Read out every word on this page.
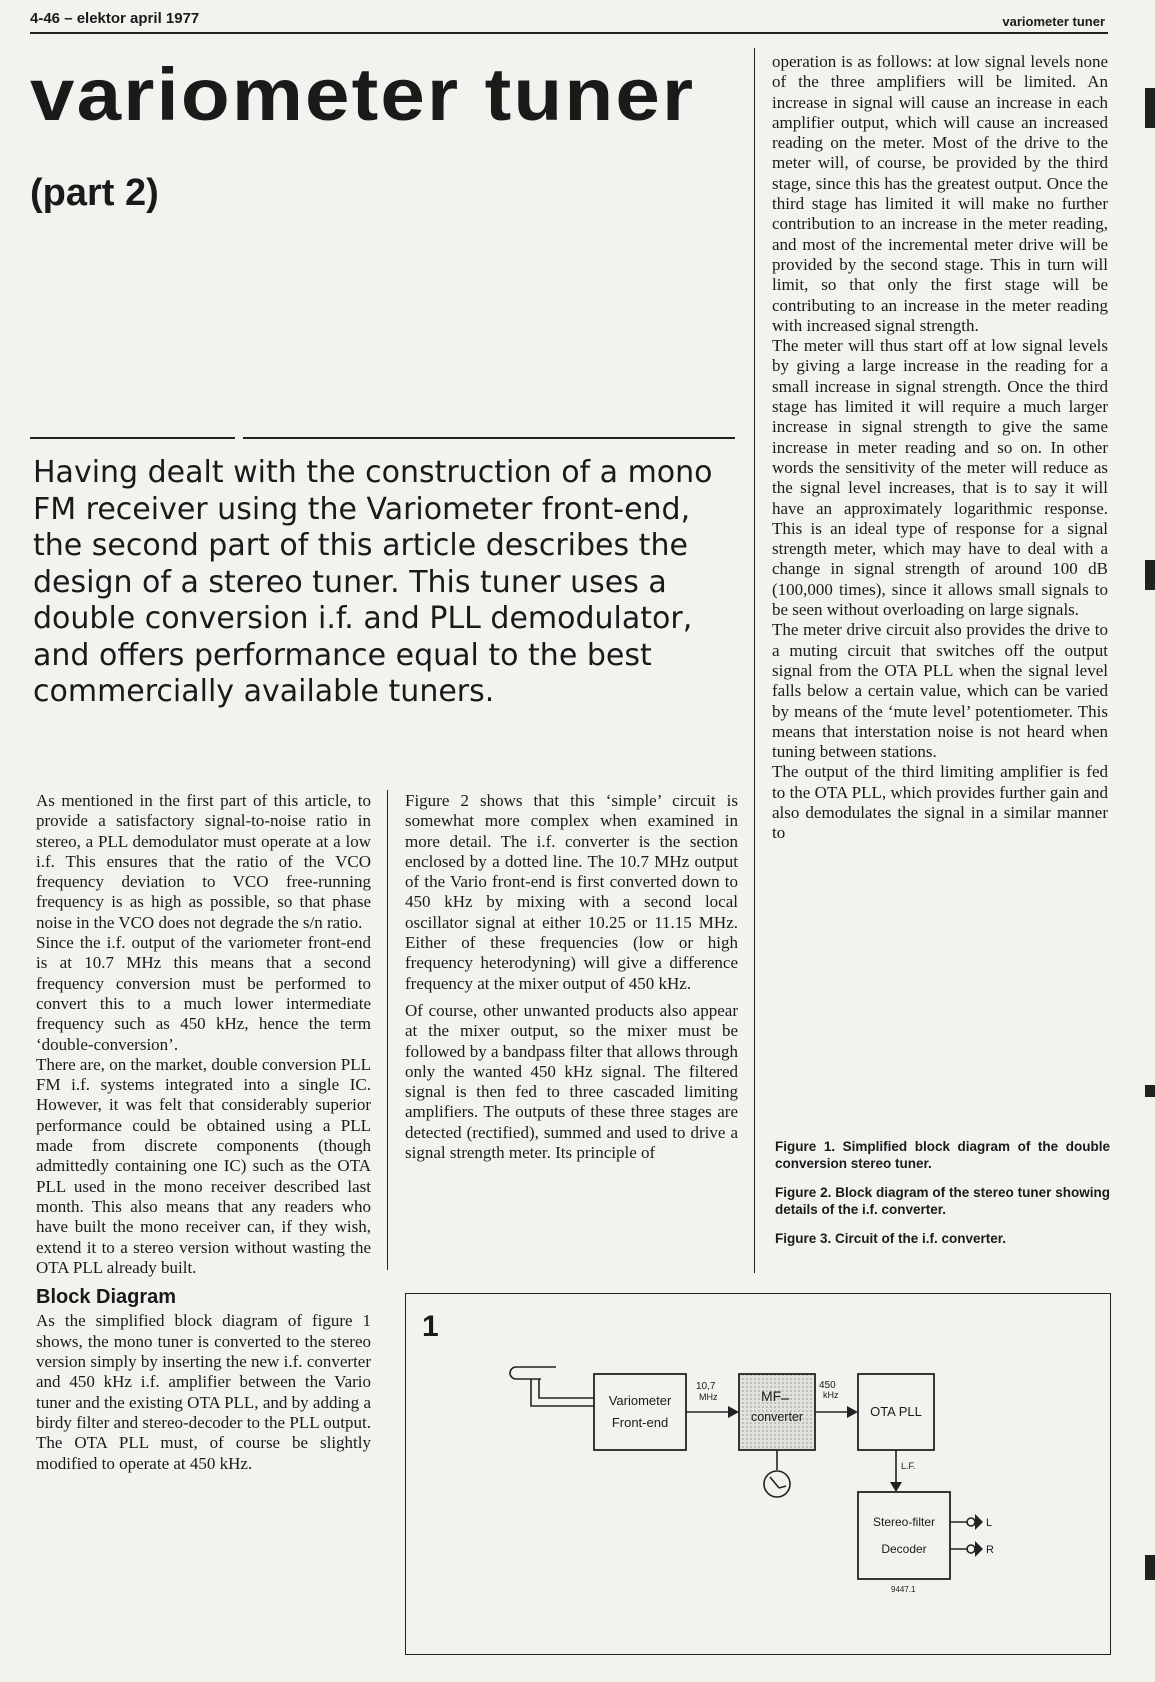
4-46 – elektor april 1977	variometer tuner
variometer tuner
(part 2)

Having dealt with the construction of a mono FM receiver using the Variometer front-end, the second part of this article describes the design of a stereo tuner. This tuner uses a double conversion i.f. and PLL demodulator, and offers performance equal to the best commercially available tuners.

As mentioned in the first part of this article, to provide a satisfactory signal-to-noise ratio in stereo, a PLL demodulator must operate at a low i.f. This ensures that the ratio of the VCO frequency deviation to VCO free-running frequency is as high as possible, so that phase noise in the VCO does not degrade the s/n ratio.

Since the i.f. output of the variometer front-end is at 10.7 MHz this means that a second frequency conversion must be performed to convert this to a much lower intermediate frequency such as 450 kHz, hence the term ‘double-conversion’.

There are, on the market, double conversion PLL FM i.f. systems integrated into a single IC. However, it was felt that considerably superior performance could be obtained using a PLL made from discrete components (though admittedly containing one IC) such as the OTA PLL used in the mono receiver described last month. This also means that any readers who have built the mono receiver can, if they wish, extend it to a stereo version without wasting the OTA PLL already built.

Block Diagram

As the simplified block diagram of figure 1 shows, the mono tuner is converted to the stereo version simply by inserting the new i.f. converter and 450 kHz i.f. amplifier between the Vario tuner and the existing OTA PLL, and by adding a birdy filter and stereo-decoder to the PLL output. The OTA PLL must, of course be slightly modified to operate at 450 kHz.

Figure 2 shows that this ‘simple’ circuit is somewhat more complex when examined in more detail. The i.f. converter is the section enclosed by a dotted line. The 10.7 MHz output of the Vario front-end is first converted down to 450 kHz by mixing with a second local oscillator signal at either 10.25 or 11.15 MHz. Either of these frequencies (low or high frequency heterodyning) will give a difference frequency at the mixer output of 450 kHz.

Of course, other unwanted products also appear at the mixer output, so the mixer must be followed by a bandpass filter that allows through only the wanted 450 kHz signal. The filtered signal is then fed to three cascaded limiting amplifiers. The outputs of these three stages are detected (rectified), summed and used to drive a signal strength meter. Its principle of

operation is as follows: at low signal levels none of the three amplifiers will be limited. An increase in signal will cause an increase in each amplifier output, which will cause an increased reading on the meter. Most of the drive to the meter will, of course, be provided by the third stage, since this has the greatest output. Once the third stage has limited it will make no further contribution to an increase in the meter reading, and most of the incremental meter drive will be provided by the second stage. This in turn will limit, so that only the first stage will be contributing to an increase in the meter reading with increased signal strength.

The meter will thus start off at low signal levels by giving a large increase in the reading for a small increase in signal strength. Once the third stage has limited it will require a much larger increase in signal strength to give the same increase in meter reading and so on. In other words the sensitivity of the meter will reduce as the signal level increases, that is to say it will have an approximately logarithmic response. This is an ideal type of response for a signal strength meter, which may have to deal with a change in signal strength of around 100 dB (100,000 times), since it allows small signals to be seen without overloading on large signals.

The meter drive circuit also provides the drive to a muting circuit that switches off the output signal from the OTA PLL when the signal level falls below a certain value, which can be varied by means of the ‘mute level’ potentiometer. This means that interstation noise is not heard when tuning between stations.

The output of the third limiting amplifier is fed to the OTA PLL, which provides further gain and also demodulates the signal in a similar manner to

Figure 1. Simplified block diagram of the double conversion stereo tuner.

Figure 2. Block diagram of the stereo tuner showing details of the i.f. converter.

Figure 3. Circuit of the i.f. converter.

1
Variometer
Front-end
10,7
MHz	MF
converter
450
kHz
OTA PLL
L.F.
Stereo-filter
Decoder
L
R
9447.1
